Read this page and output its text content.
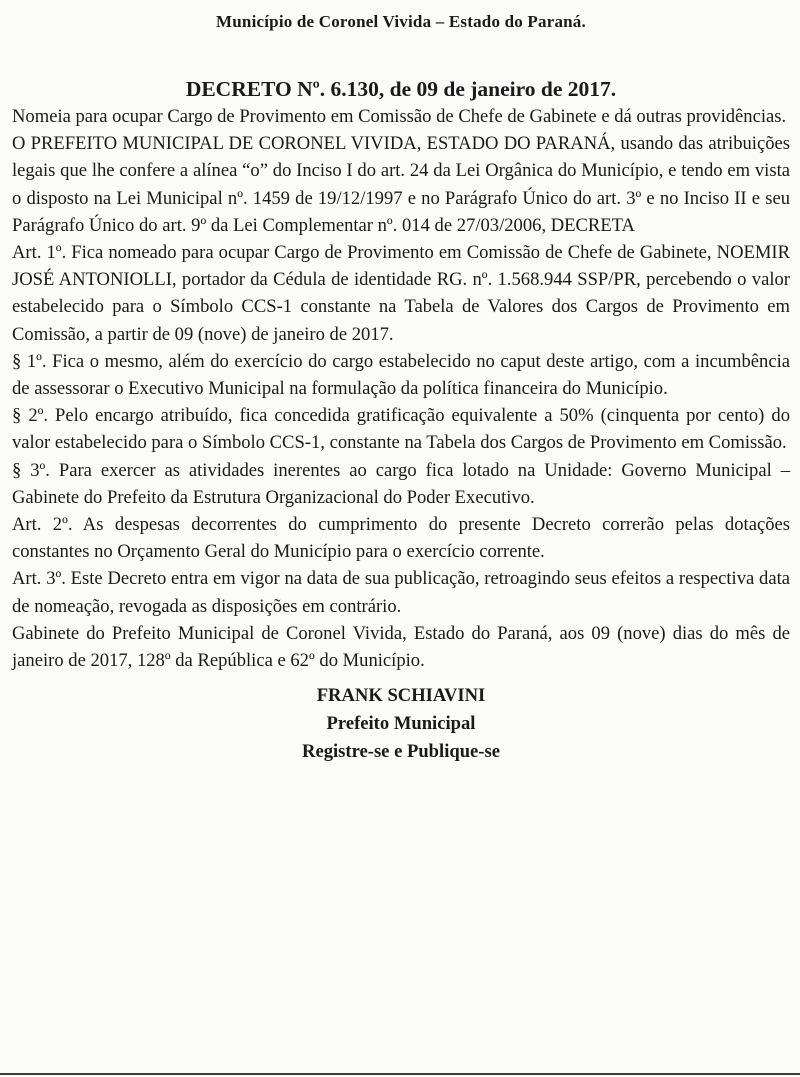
Município de Coronel Vivida – Estado do Paraná.
DECRETO Nº. 6.130, de 09 de janeiro de 2017.

Nomeia para ocupar Cargo de Provimento em Comissão de Chefe de Gabinete e dá outras providências.

O PREFEITO MUNICIPAL DE CORONEL VIVIDA, ESTADO DO PARANÁ, usando das atribuições legais que lhe confere a alínea “o” do Inciso I do art. 24 da Lei Orgânica do Município, e tendo em vista o disposto na Lei Municipal nº. 1459 de 19/12/1997 e no Parágrafo Único do art. 3º e no Inciso II e seu Parágrafo Único do art. 9º da Lei Complementar nº. 014 de 27/03/2006, DECRETA

Art. 1º. Fica nomeado para ocupar Cargo de Provimento em Comissão de Chefe de Gabinete, NOEMIR JOSÉ ANTONIOLLI, portador da Cédula de identidade RG. nº. 1.568.944 SSP/PR, percebendo o valor estabelecido para o Símbolo CCS-1 constante na Tabela de Valores dos Cargos de Provimento em Comissão, a partir de 09 (nove) de janeiro de 2017.

§ 1º. Fica o mesmo, além do exercício do cargo estabelecido no caput deste artigo, com a incumbência de assessorar o Executivo Municipal na formulação da política financeira do Município.

§ 2º. Pelo encargo atribuído, fica concedida gratificação equivalente a 50% (cinquenta por cento) do valor estabelecido para o Símbolo CCS-1, constante na Tabela dos Cargos de Provimento em Comissão.

§ 3º. Para exercer as atividades inerentes ao cargo fica lotado na Unidade: Governo Municipal – Gabinete do Prefeito da Estrutura Organizacional do Poder Executivo.

Art. 2º. As despesas decorrentes do cumprimento do presente Decreto correrão pelas dotações constantes no Orçamento Geral do Município para o exercício corrente.

Art. 3º. Este Decreto entra em vigor na data de sua publicação, retroagindo seus efeitos a respectiva data de nomeação, revogada as disposições em contrário.

Gabinete do Prefeito Municipal de Coronel Vivida, Estado do Paraná, aos 09 (nove) dias do mês de janeiro de 2017, 128º da República e 62º do Município.

FRANK SCHIAVINI
Prefeito Municipal
Registre-se e Publique-se
